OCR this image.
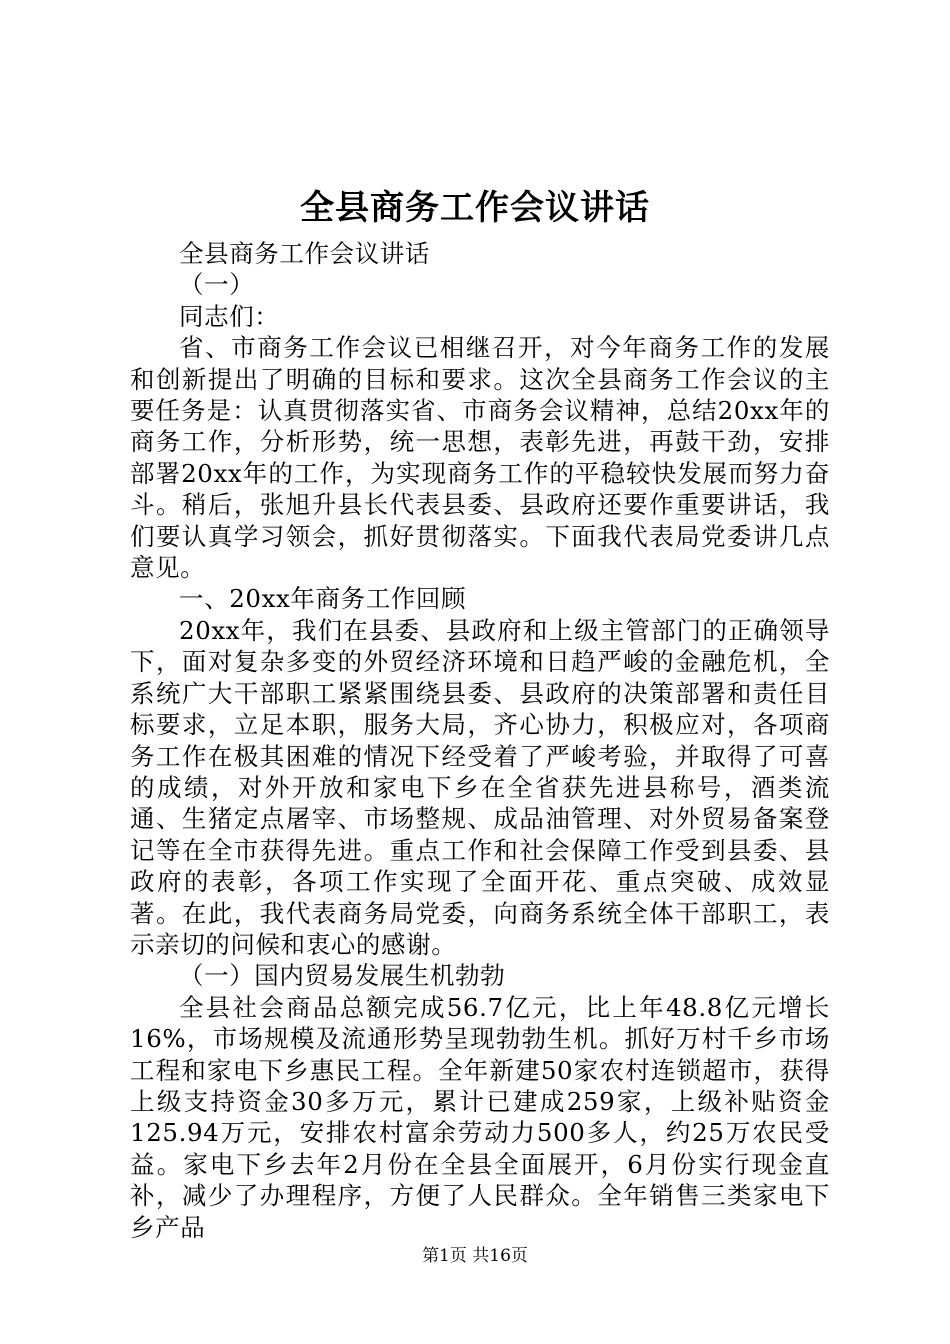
全县商务工作会议讲话

全县商务工作会议讲话

（一）

同志们：

省、市商务工作会议已相继召开，对今年商务工作的发展和创新提出了明确的目标和要求。这次全县商务工作会议的主要任务是：认真贯彻落实省、市商务会议精神，总结20xx年的商务工作，分析形势，统一思想，表彰先进，再鼓干劲，安排部署20xx年的工作，为实现商务工作的平稳较快发展而努力奋斗。稍后，张旭升县长代表县委、县政府还要作重要讲话，我们要认真学习领会，抓好贯彻落实。下面我代表局党委讲几点意见。

一、20xx年商务工作回顾

20xx年，我们在县委、县政府和上级主管部门的正确领导下，面对复杂多变的外贸经济环境和日趋严峻的金融危机，全系统广大干部职工紧紧围绕县委、县政府的决策部署和责任目标要求，立足本职，服务大局，齐心协力，积极应对，各项商务工作在极其困难的情况下经受着了严峻考验，并取得了可喜的成绩，对外开放和家电下乡在全省获先进县称号，酒类流通、生猪定点屠宰、市场整规、成品油管理、对外贸易备案登记等在全市获得先进。重点工作和社会保障工作受到县委、县政府的表彰，各项工作实现了全面开花、重点突破、成效显著。在此，我代表商务局党委，向商务系统全体干部职工，表示亲切的问候和衷心的感谢。

（一）国内贸易发展生机勃勃

全县社会商品总额完成56.7亿元，比上年48.8亿元增长16%，市场规模及流通形势呈现勃勃生机。抓好万村千乡市场工程和家电下乡惠民工程。全年新建50家农村连锁超市，获得上级支持资金30多万元，累计已建成259家，上级补贴资金125.94万元，安排农村富余劳动力500多人，约25万农民受益。家电下乡去年2月份在全县全面展开，6月份实行现金直补，减少了办理程序，方便了人民群众。全年销售三类家电下乡产品

第1页 共16页
